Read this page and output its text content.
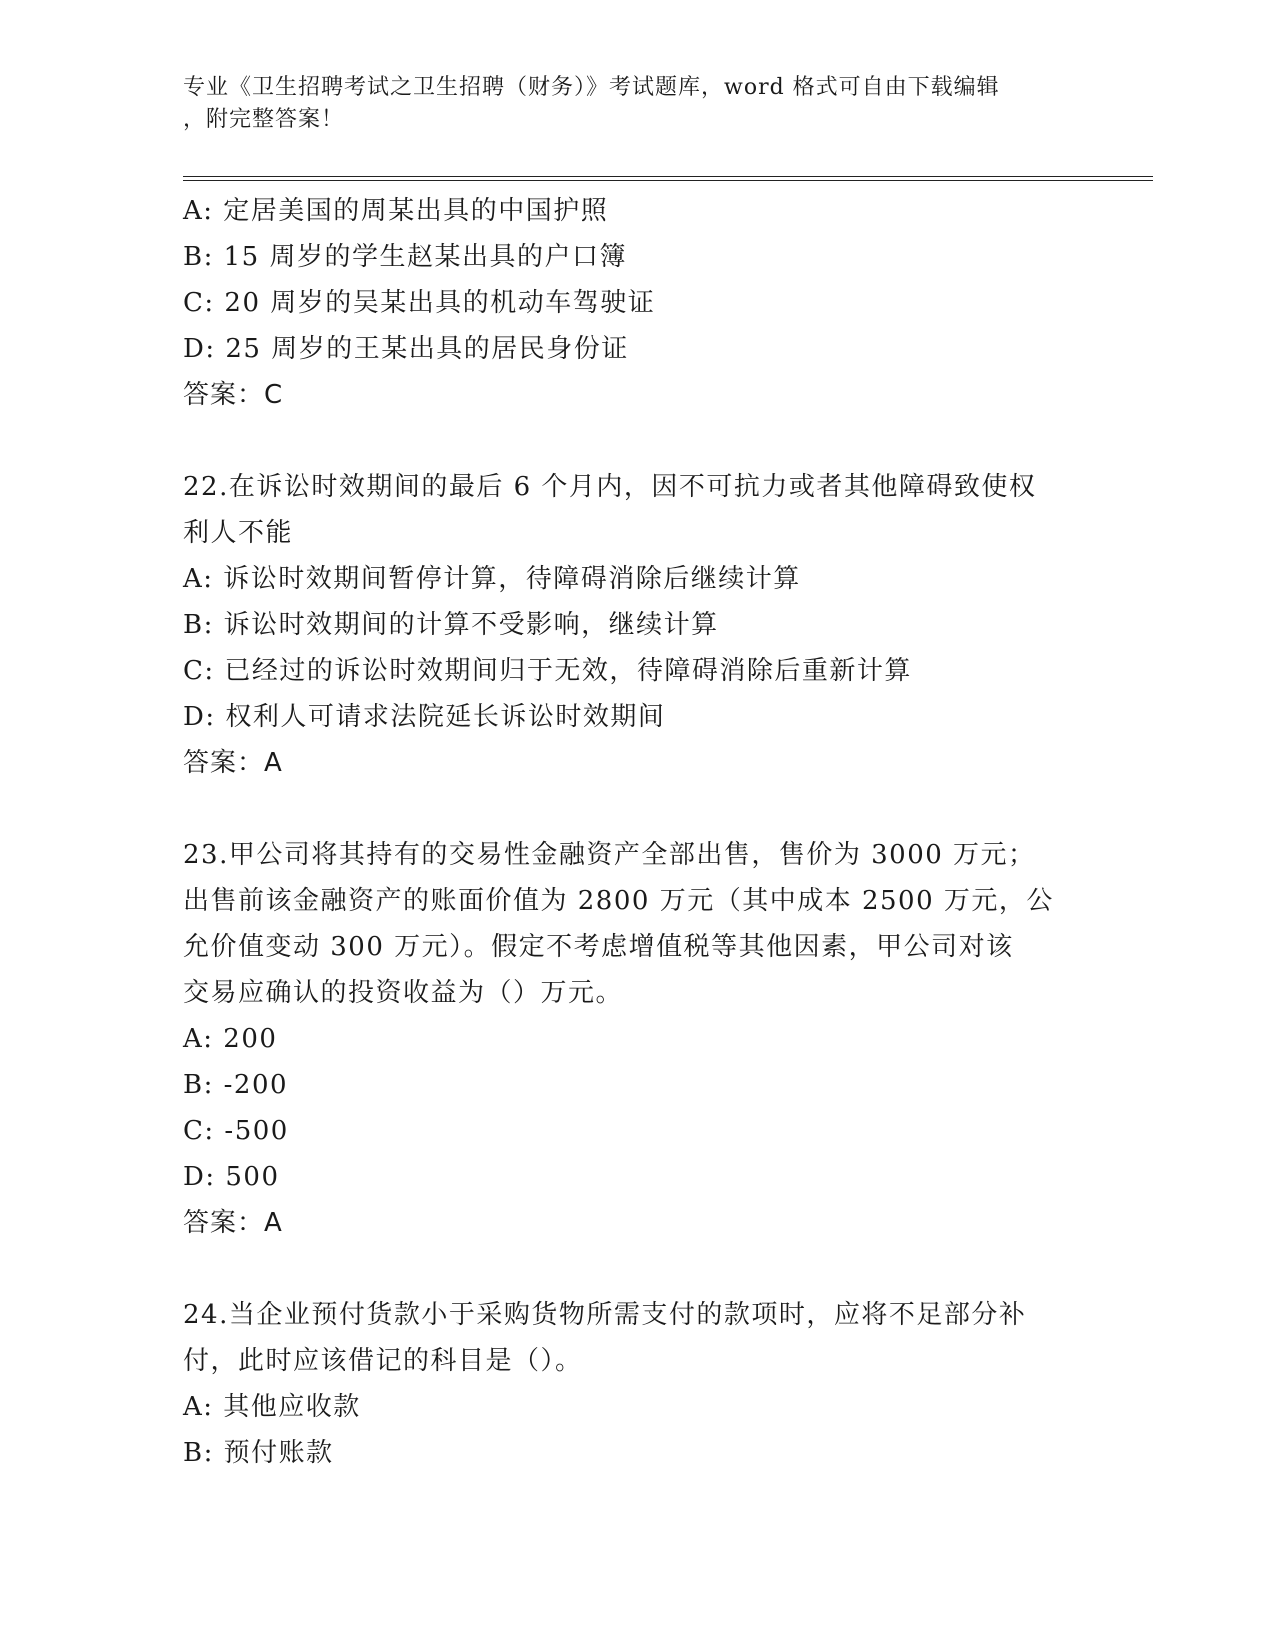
专业《卫生招聘考试之卫生招聘（财务）》考试题库，word 格式可自由下载编辑
，附完整答案！
A: 定居美国的周某出具的中国护照
B: 15 周岁的学生赵某出具的户口簿
C: 20 周岁的吴某出具的机动车驾驶证
D: 25 周岁的王某出具的居民身份证
答案：C
22.在诉讼时效期间的最后 6 个月内，因不可抗力或者其他障碍致使权
利人不能
A: 诉讼时效期间暂停计算，待障碍消除后继续计算
B: 诉讼时效期间的计算不受影响，继续计算
C: 已经过的诉讼时效期间归于无效，待障碍消除后重新计算
D: 权利人可请求法院延长诉讼时效期间
答案：A
23.甲公司将其持有的交易性金融资产全部出售，售价为 3000 万元；
出售前该金融资产的账面价值为 2800 万元（其中成本 2500 万元，公
允价值变动 300 万元）。假定不考虑增值税等其他因素，甲公司对该
交易应确认的投资收益为（）万元。
A: 200
B: -200
C: -500
D: 500
答案：A
24.当企业预付货款小于采购货物所需支付的款项时，应将不足部分补
付，此时应该借记的科目是（）。
A: 其他应收款
B: 预付账款
